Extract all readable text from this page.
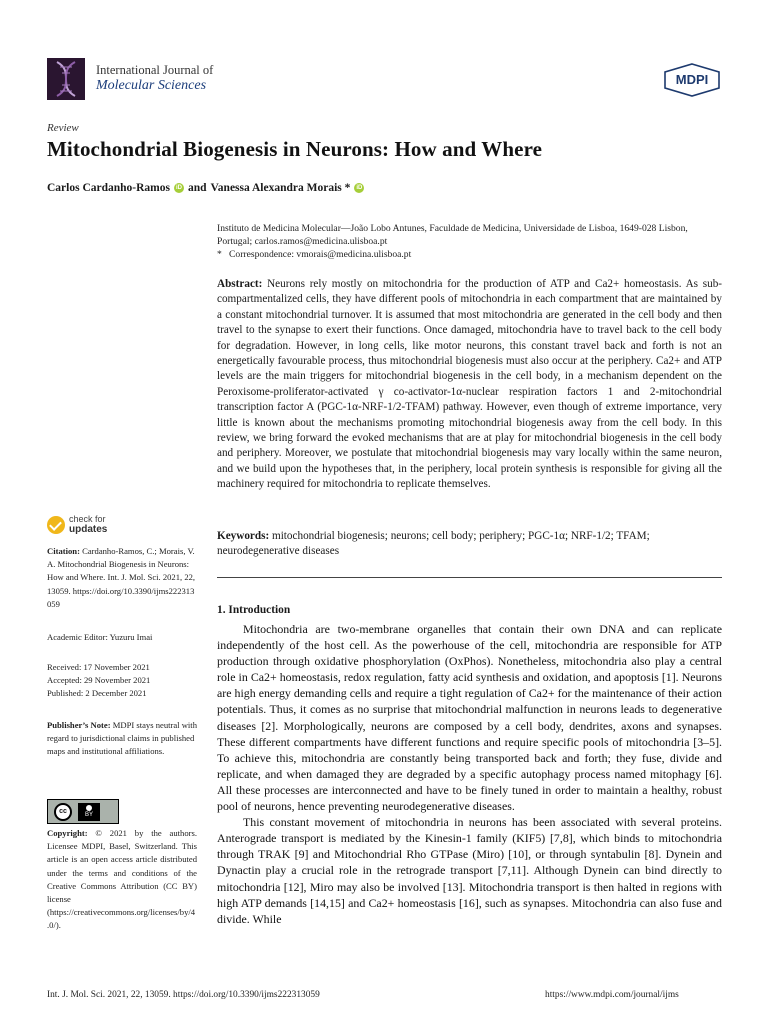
International Journal of
Molecular Sciences	MDPI
Review
Mitochondrial Biogenesis in Neurons: How and Where
Carlos Cardanho-Ramos	iD and Vanessa Alexandra Morais *	iD
Instituto de Medicina Molecular—João Lobo Antunes, Faculdade de Medicina, Universidade de Lisboa, 1649-028 Lisbon, Portugal; carlos.ramos@medicina.ulisboa.pt
*   Correspondence: vmorais@medicina.ulisboa.pt
Abstract: Neurons rely mostly on mitochondria for the production of ATP and Ca2+ homeostasis. As sub-compartmentalized cells, they have different pools of mitochondria in each compartment that are maintained by a constant mitochondrial turnover. It is assumed that most mitochondria are generated in the cell body and then travel to the synapse to exert their functions. Once damaged, mitochondria have to travel back to the cell body for degradation. However, in long cells, like motor neurons, this constant travel back and forth is not an energetically favourable process, thus mitochondrial biogenesis must also occur at the periphery. Ca2+ and ATP levels are the main triggers for mitochondrial biogenesis in the cell body, in a mechanism dependent on the Peroxisome-proliferator-activated γ co-activator-1α-nuclear respiration factors 1 and 2-mitochondrial transcription factor A (PGC-1α-NRF-1/2-TFAM) pathway. However, even though of extreme importance, very little is known about the mechanisms promoting mitochondrial biogenesis away from the cell body. In this review, we bring forward the evoked mechanisms that are at play for mitochondrial biogenesis in the cell body and periphery. Moreover, we postulate that mitochondrial biogenesis may vary locally within the same neuron, and we build upon the hypotheses that, in the periphery, local protein synthesis is responsible for giving all the machinery required for mitochondria to replicate themselves.
Keywords: mitochondrial biogenesis; neurons; cell body; periphery; PGC-1α; NRF-1/2; TFAM; neurodegenerative diseases
1. Introduction

Mitochondria are two-membrane organelles that contain their own DNA and can replicate independently of the host cell. As the powerhouse of the cell, mitochondria are responsible for ATP production through oxidative phosphorylation (OxPhos). Nonetheless, mitochondria also play a central role in Ca2+ homeostasis, redox regulation, fatty acid synthesis and oxidation, and apoptosis [1]. Neurons are high energy demanding cells and require a tight regulation of Ca2+ for the maintenance of their action potentials. Thus, it comes as no surprise that mitochondrial malfunction in neurons leads to degenerative diseases [2]. Morphologically, neurons are composed by a cell body, dendrites, axons and synapses. These different compartments have different functions and require specific pools of mitochondria [3–5]. To achieve this, mitochondria are constantly being transported back and forth; they fuse, divide and replicate, and when damaged they are degraded by a specific autophagy process named mitophagy [6]. All these processes are interconnected and have to be finely tuned in order to maintain a healthy, robust pool of neurons, hence preventing neurodegenerative diseases.

This constant movement of mitochondria in neurons has been associated with several proteins. Anterograde transport is mediated by the Kinesin-1 family (KIF5) [7,8], which binds to mitochondria through TRAK [9] and Mitochondrial Rho GTPase (Miro) [10], or through syntabulin [8]. Dynein and Dynactin play a crucial role in the retrograde transport [7,11]. Although Dynein can bind directly to mitochondria [12], Miro may also be involved [13]. Mitochondria transport is then halted in regions with high ATP demands [14,15] and Ca2+ homeostasis [16], such as synapses. Mitochondria can also fuse and divide. While

check for
updates
Citation: Cardanho-Ramos, C.; Morais, V.A. Mitochondrial Biogenesis in Neurons: How and Where. Int. J. Mol. Sci. 2021, 22, 13059. https://doi.org/10.3390/ijms222313059
Academic Editor: Yuzuru Imai
Received: 17 November 2021
Accepted: 29 November 2021
Published: 2 December 2021
Publisher’s Note: MDPI stays neutral with regard to jurisdictional claims in published maps and institutional affiliations.
cc	BY
Copyright: © 2021 by the authors. Licensee MDPI, Basel, Switzerland. This article is an open access article distributed under the terms and conditions of the Creative Commons Attribution (CC BY) license (https://creativecommons.org/licenses/by/4.0/).
Int. J. Mol. Sci. 2021, 22, 13059. https://doi.org/10.3390/ijms222313059	https://www.mdpi.com/journal/ijms
